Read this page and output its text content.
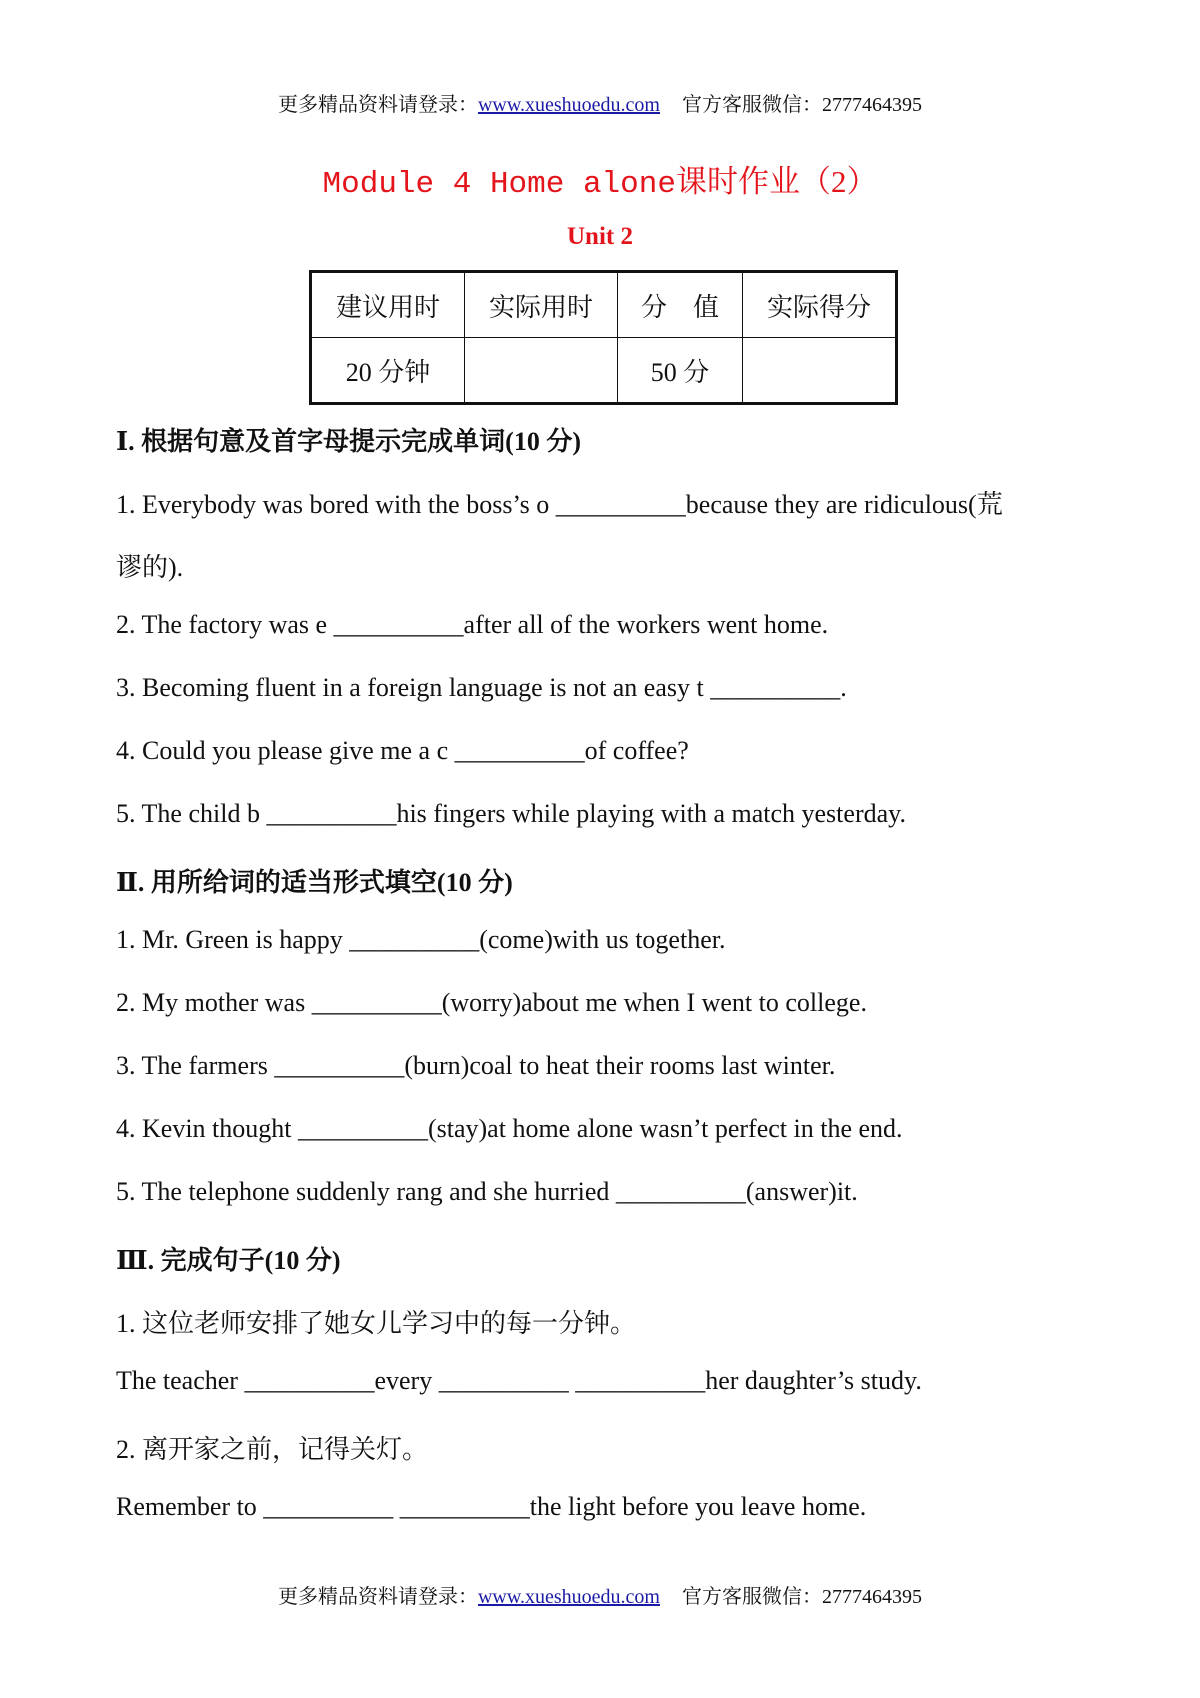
更多精品资料请登录：www.xueshuoedu.com 官方客服微信：2777464395
Module 4 Home alone课时作业（2）
Unit 2
建议用时	实际用时	分　值	实际得分
20 分钟		50 分	
Ⅰ. 根据句意及首字母提示完成单词(10 分)
1. Everybody was bored with the boss’s o __________because they are ridiculous(荒
谬的).
2. The factory was e __________after all of the workers went home.
3. Becoming fluent in a foreign language is not an easy t __________.
4. Could you please give me a c __________of coffee?
5. The child b __________his fingers while playing with a match yesterday.
Ⅱ. 用所给词的适当形式填空(10 分)
1. Mr. Green is happy __________(come)with us together.
2. My mother was __________(worry)about me when I went to college.
3. The farmers __________(burn)coal to heat their rooms last winter.
4. Kevin thought __________(stay)at home alone wasn’t perfect in the end.
5. The telephone suddenly rang and she hurried __________(answer)it.
Ⅲ. 完成句子(10 分)
1. 这位老师安排了她女儿学习中的每一分钟。
The teacher __________every __________ __________her daughter’s study.
2. 离开家之前，记得关灯。
Remember to __________ __________the light before you leave home.
更多精品资料请登录：www.xueshuoedu.com 官方客服微信：2777464395
